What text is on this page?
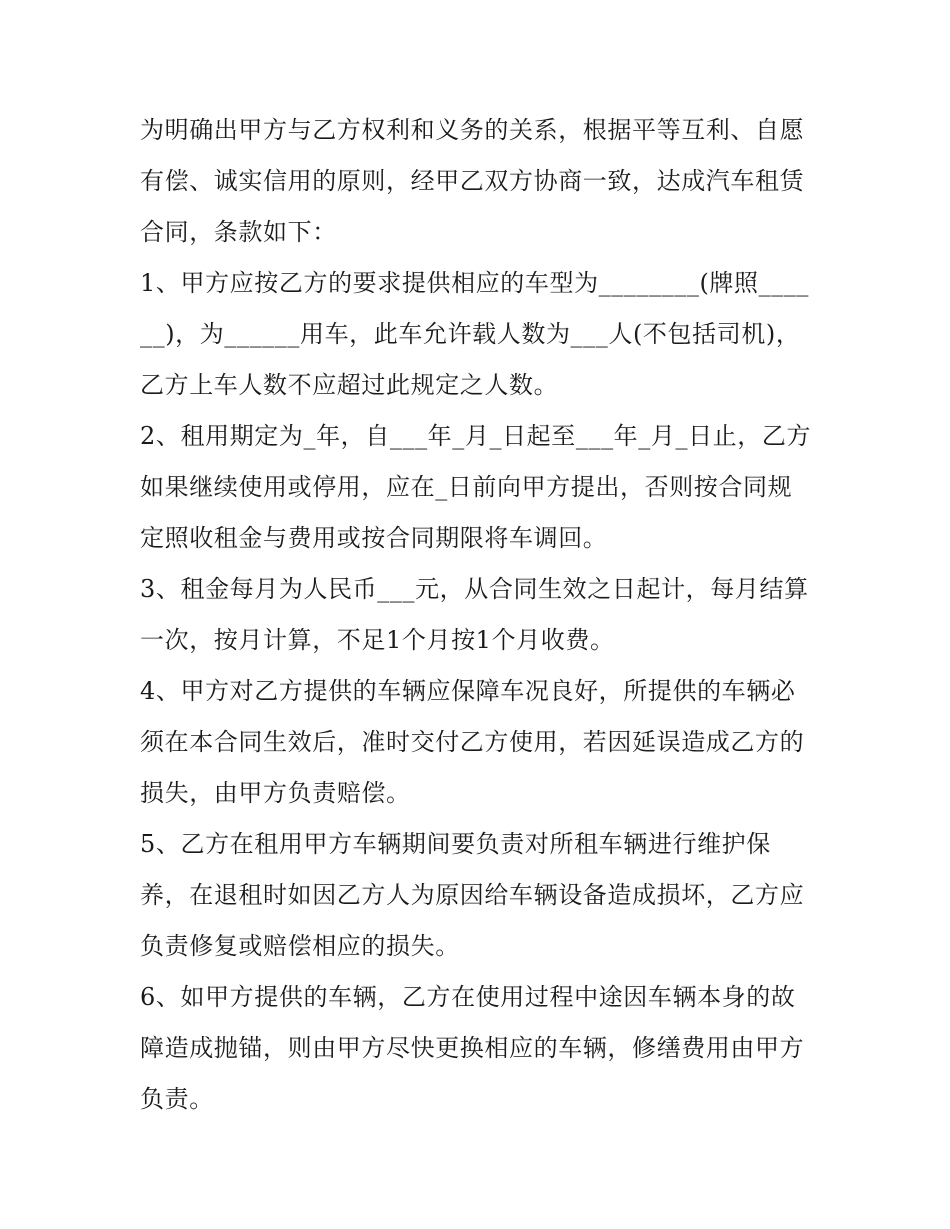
为明确出甲方与乙方权利和义务的关系，根据平等互利、自愿有偿、诚实信用的原则，经甲乙双方协商一致，达成汽车租赁合同，条款如下：

1、甲方应按乙方的要求提供相应的车型为________(牌照______)，为______用车，此车允许载人数为___人(不包括司机)，乙方上车人数不应超过此规定之人数。

2、租用期定为_年，自___年_月_日起至___年_月_日止，乙方如果继续使用或停用，应在_日前向甲方提出，否则按合同规定照收租金与费用或按合同期限将车调回。

3、租金每月为人民币___元，从合同生效之日起计，每月结算一次，按月计算，不足1个月按1个月收费。

4、甲方对乙方提供的车辆应保障车况良好，所提供的车辆必须在本合同生效后，准时交付乙方使用，若因延误造成乙方的损失，由甲方负责赔偿。

5、乙方在租用甲方车辆期间要负责对所租车辆进行维护保养，在退租时如因乙方人为原因给车辆设备造成损坏，乙方应负责修复或赔偿相应的损失。

6、如甲方提供的车辆，乙方在使用过程中途因车辆本身的故障造成抛锚，则由甲方尽快更换相应的车辆，修缮费用由甲方负责。
